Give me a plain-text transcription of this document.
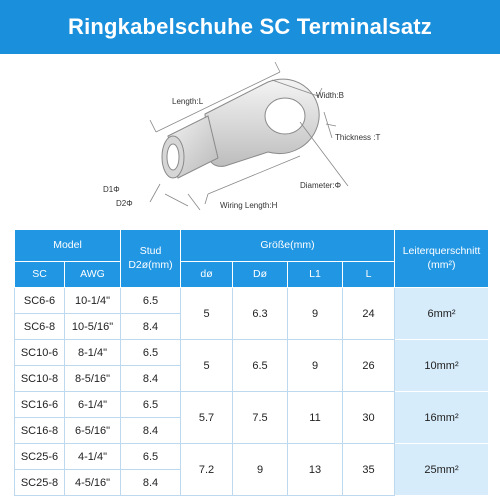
Ringkabelschuhe SC Terminalsatz
Length:L
Width:B
Thickness :T
Diameter:Φ
D1Φ
D2Φ	Wiring Length:H
Model		Stud D2ø(mm)	Größe(mm)				Leiterquerschnitt (mm²)
SC	AWG		dø	Dø	L1	L	
SC6-6	10-1/4"	6.5	5	6.3	9	24	6mm²
SC6-8	10-5/16"	8.4					
SC10-6	8-1/4"	6.5	5	6.5	9	26	10mm²
SC10-8	8-5/16"	8.4					
SC16-6	6-1/4"	6.5	5.7	7.5	11	30	16mm²
SC16-8	6-5/16"	8.4					
SC25-6	4-1/4"	6.5	7.2	9	13	35	25mm²
SC25-8	4-5/16"	8.4					
